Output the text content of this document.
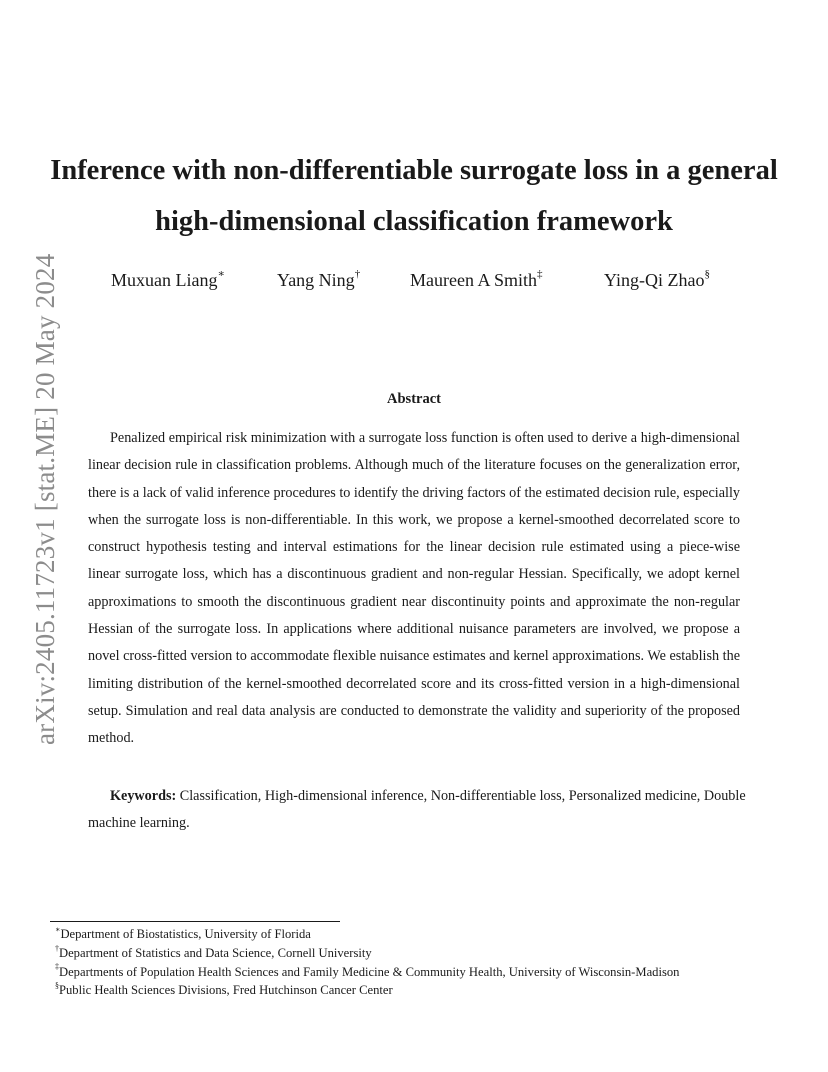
arXiv:2405.11723v1 [stat.ME] 20 May 2024
Inference with non-differentiable surrogate loss in a general high-dimensional classification framework
Muxuan Liang∗	Yang Ning†	Maureen A Smith‡	Ying-Qi Zhao§
Abstract

Penalized empirical risk minimization with a surrogate loss function is often used to derive a high-dimensional linear decision rule in classification problems. Although much of the literature focuses on the generalization error, there is a lack of valid inference procedures to identify the driving factors of the estimated decision rule, especially when the surrogate loss is non-differentiable. In this work, we propose a kernel-smoothed decorrelated score to construct hypothesis testing and interval estimations for the linear decision rule estimated using a piece-wise linear surrogate loss, which has a discontinuous gradient and non-regular Hessian. Specifically, we adopt kernel approximations to smooth the discontinuous gradient near discontinuity points and approximate the non-regular Hessian of the surrogate loss. In applications where additional nuisance parameters are involved, we propose a novel cross-fitted version to accommodate flexible nuisance estimates and kernel approximations. We establish the limiting distribution of the kernel-smoothed decorrelated score and its cross-fitted version in a high-dimensional setup. Simulation and real data analysis are conducted to demonstrate the validity and superiority of the proposed method.

Keywords: Classification, High-dimensional inference, Non-differentiable loss, Personalized medicine, Double machine learning.

∗Department of Biostatistics, University of Florida
†Department of Statistics and Data Science, Cornell University
‡Departments of Population Health Sciences and Family Medicine & Community Health, University of Wisconsin-Madison
§Public Health Sciences Divisions, Fred Hutchinson Cancer Center
